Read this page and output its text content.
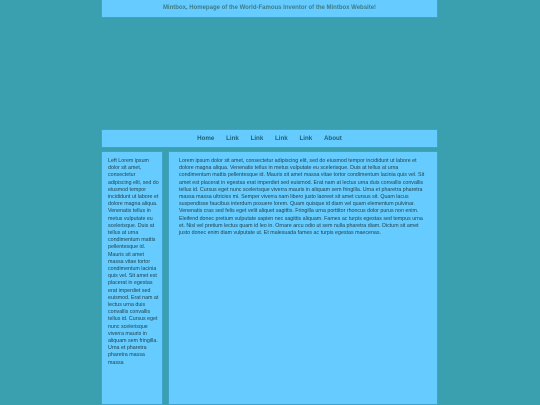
Mintbox, Homepage of the World-Famous Inventor of the Mintbox Website!
Home Link Link Link Link About
Left Lorem ipsum dolor sit amet, consectetur adipiscing elit, sed do eiusmod tempor incididunt ut labore et dolore magna aliqua. Venenatis tellus in metus vulputate eu scelerisque. Duis at tellus at urna condimentum mattis pellentesque id. Mauris sit amet massa vitae tortor condimentum lacinia quis vel. Sit amet est placerat in egestas erat imperdiet sed euismod. Erat nam at lectus urna duis convallis convallis tellus id. Cursus eget nunc scelerisque viverra mauris in aliquam sem fringilla. Urna et pharetra pharetra massa massa
Lorem ipsum dolor sit amet, consectetur adipiscing elit, sed do eiusmod tempor incididunt ut labore et dolore magna aliqua. Venenatis tellus in metus vulputate eu scelerisque. Duis at tellus at urna condimentum mattis pellentesque id. Mauris sit amet massa vitae tortor condimentum lacinia quis vel. Sit amet est placerat in egestas erat imperdiet sed euismod. Erat nam at lectus urna duis convallis convallis tellus id. Cursus eget nunc scelerisque viverra mauris in aliquam sem fringilla. Urna et pharetra pharetra massa massa ultricies mi. Semper viverra nam libero justo laoreet sit amet cursus sit. Quam lacus suspendisse faucibus interdum posuere lorem. Quam quisque id diam vel quam elementum pulvinar. Venenatis cras sed felis eget velit aliquet sagittis. Fringilla urna porttitor rhoncus dolor purus non enim. Eleifend donec pretium vulputate sapien nec sagittis aliquam. Fames ac turpis egestas sed tempus urna et. Nisl vel pretium lectus quam id leo in. Ornare arcu odio ut sem nulla pharetra diam. Dictum sit amet justo donec enim diam vulputate ut. Et malesuada fames ac turpis egestas maecenas.
